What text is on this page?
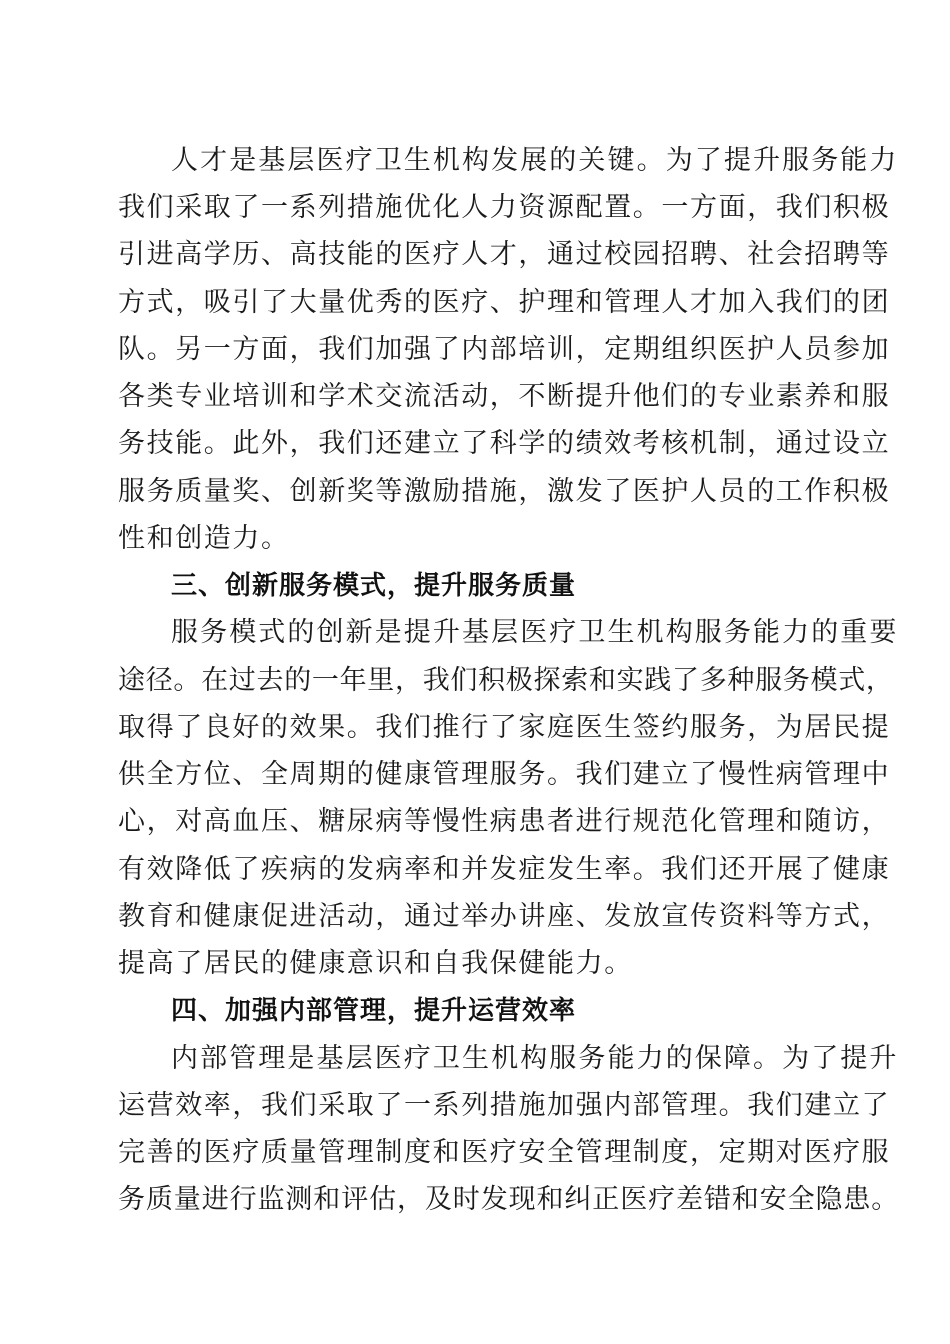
人才是基层医疗卫生机构发展的关键。为了提升服务能力
我们采取了一系列措施优化人力资源配置。一方面，我们积极
引进高学历、高技能的医疗人才，通过校园招聘、社会招聘等
方式，吸引了大量优秀的医疗、护理和管理人才加入我们的团
队。另一方面，我们加强了内部培训，定期组织医护人员参加
各类专业培训和学术交流活动，不断提升他们的专业素养和服
务技能。此外，我们还建立了科学的绩效考核机制，通过设立
服务质量奖、创新奖等激励措施，激发了医护人员的工作积极
性和创造力。
三、创新服务模式，提升服务质量
服务模式的创新是提升基层医疗卫生机构服务能力的重要
途径。在过去的一年里，我们积极探索和实践了多种服务模式，
取得了良好的效果。我们推行了家庭医生签约服务，为居民提
供全方位、全周期的健康管理服务。我们建立了慢性病管理中
心，对高血压、糖尿病等慢性病患者进行规范化管理和随访，
有效降低了疾病的发病率和并发症发生率。我们还开展了健康
教育和健康促进活动，通过举办讲座、发放宣传资料等方式，
提高了居民的健康意识和自我保健能力。
四、加强内部管理，提升运营效率
内部管理是基层医疗卫生机构服务能力的保障。为了提升
运营效率，我们采取了一系列措施加强内部管理。我们建立了
完善的医疗质量管理制度和医疗安全管理制度，定期对医疗服
务质量进行监测和评估，及时发现和纠正医疗差错和安全隐患。
